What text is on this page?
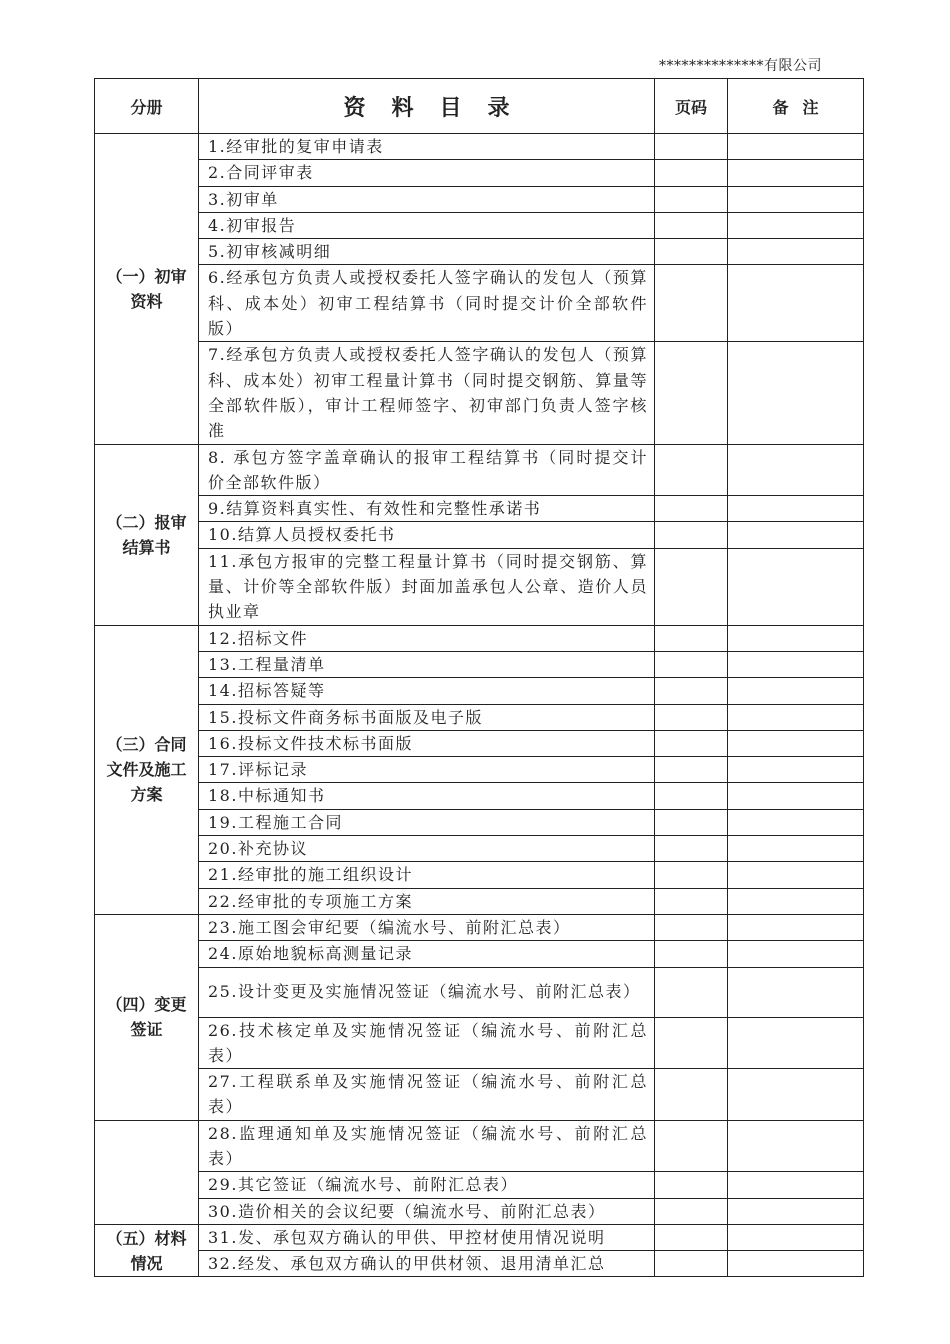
**************有限公司
分册	资料目录	页码	备注
（一）初审资料	1.经审批的复审申请表		
	2.合同评审表		
	3.初审单		
	4.初审报告		
	5.初审核减明细		
	6.经承包方负责人或授权委托人签字确认的发包人（预算科、成本处）初审工程结算书（同时提交计价全部软件版）		
	7.经承包方负责人或授权委托人签字确认的发包人（预算科、成本处）初审工程量计算书（同时提交钢筋、算量等全部软件版），审计工程师签字、初审部门负责人签字核准		
（二）报审结算书	8. 承包方签字盖章确认的报审工程结算书（同时提交计价全部软件版）		
	9.结算资料真实性、有效性和完整性承诺书		
	10.结算人员授权委托书		
	11.承包方报审的完整工程量计算书（同时提交钢筋、算量、计价等全部软件版）封面加盖承包人公章、造价人员执业章		
（三）合同文件及施工方案	12.招标文件		
	13.工程量清单		
	14.招标答疑等		
	15.投标文件商务标书面版及电子版		
	16.投标文件技术标书面版		
	17.评标记录		
	18.中标通知书		
	19.工程施工合同		
	20.补充协议		
	21.经审批的施工组织设计		
	22.经审批的专项施工方案		
（四）变更签证	23.施工图会审纪要（编流水号、前附汇总表）		
	24.原始地貌标高测量记录		
	25.设计变更及实施情况签证（编流水号、前附汇总表）		
	26.技术核定单及实施情况签证（编流水号、前附汇总表）		
	27.工程联系单及实施情况签证（编流水号、前附汇总表）		
	28.监理通知单及实施情况签证（编流水号、前附汇总表）		
	29.其它签证（编流水号、前附汇总表）		
	30.造价相关的会议纪要（编流水号、前附汇总表）		
（五）材料情况	31.发、承包双方确认的甲供、甲控材使用情况说明		
	32.经发、承包双方确认的甲供材领、退用清单汇总		
